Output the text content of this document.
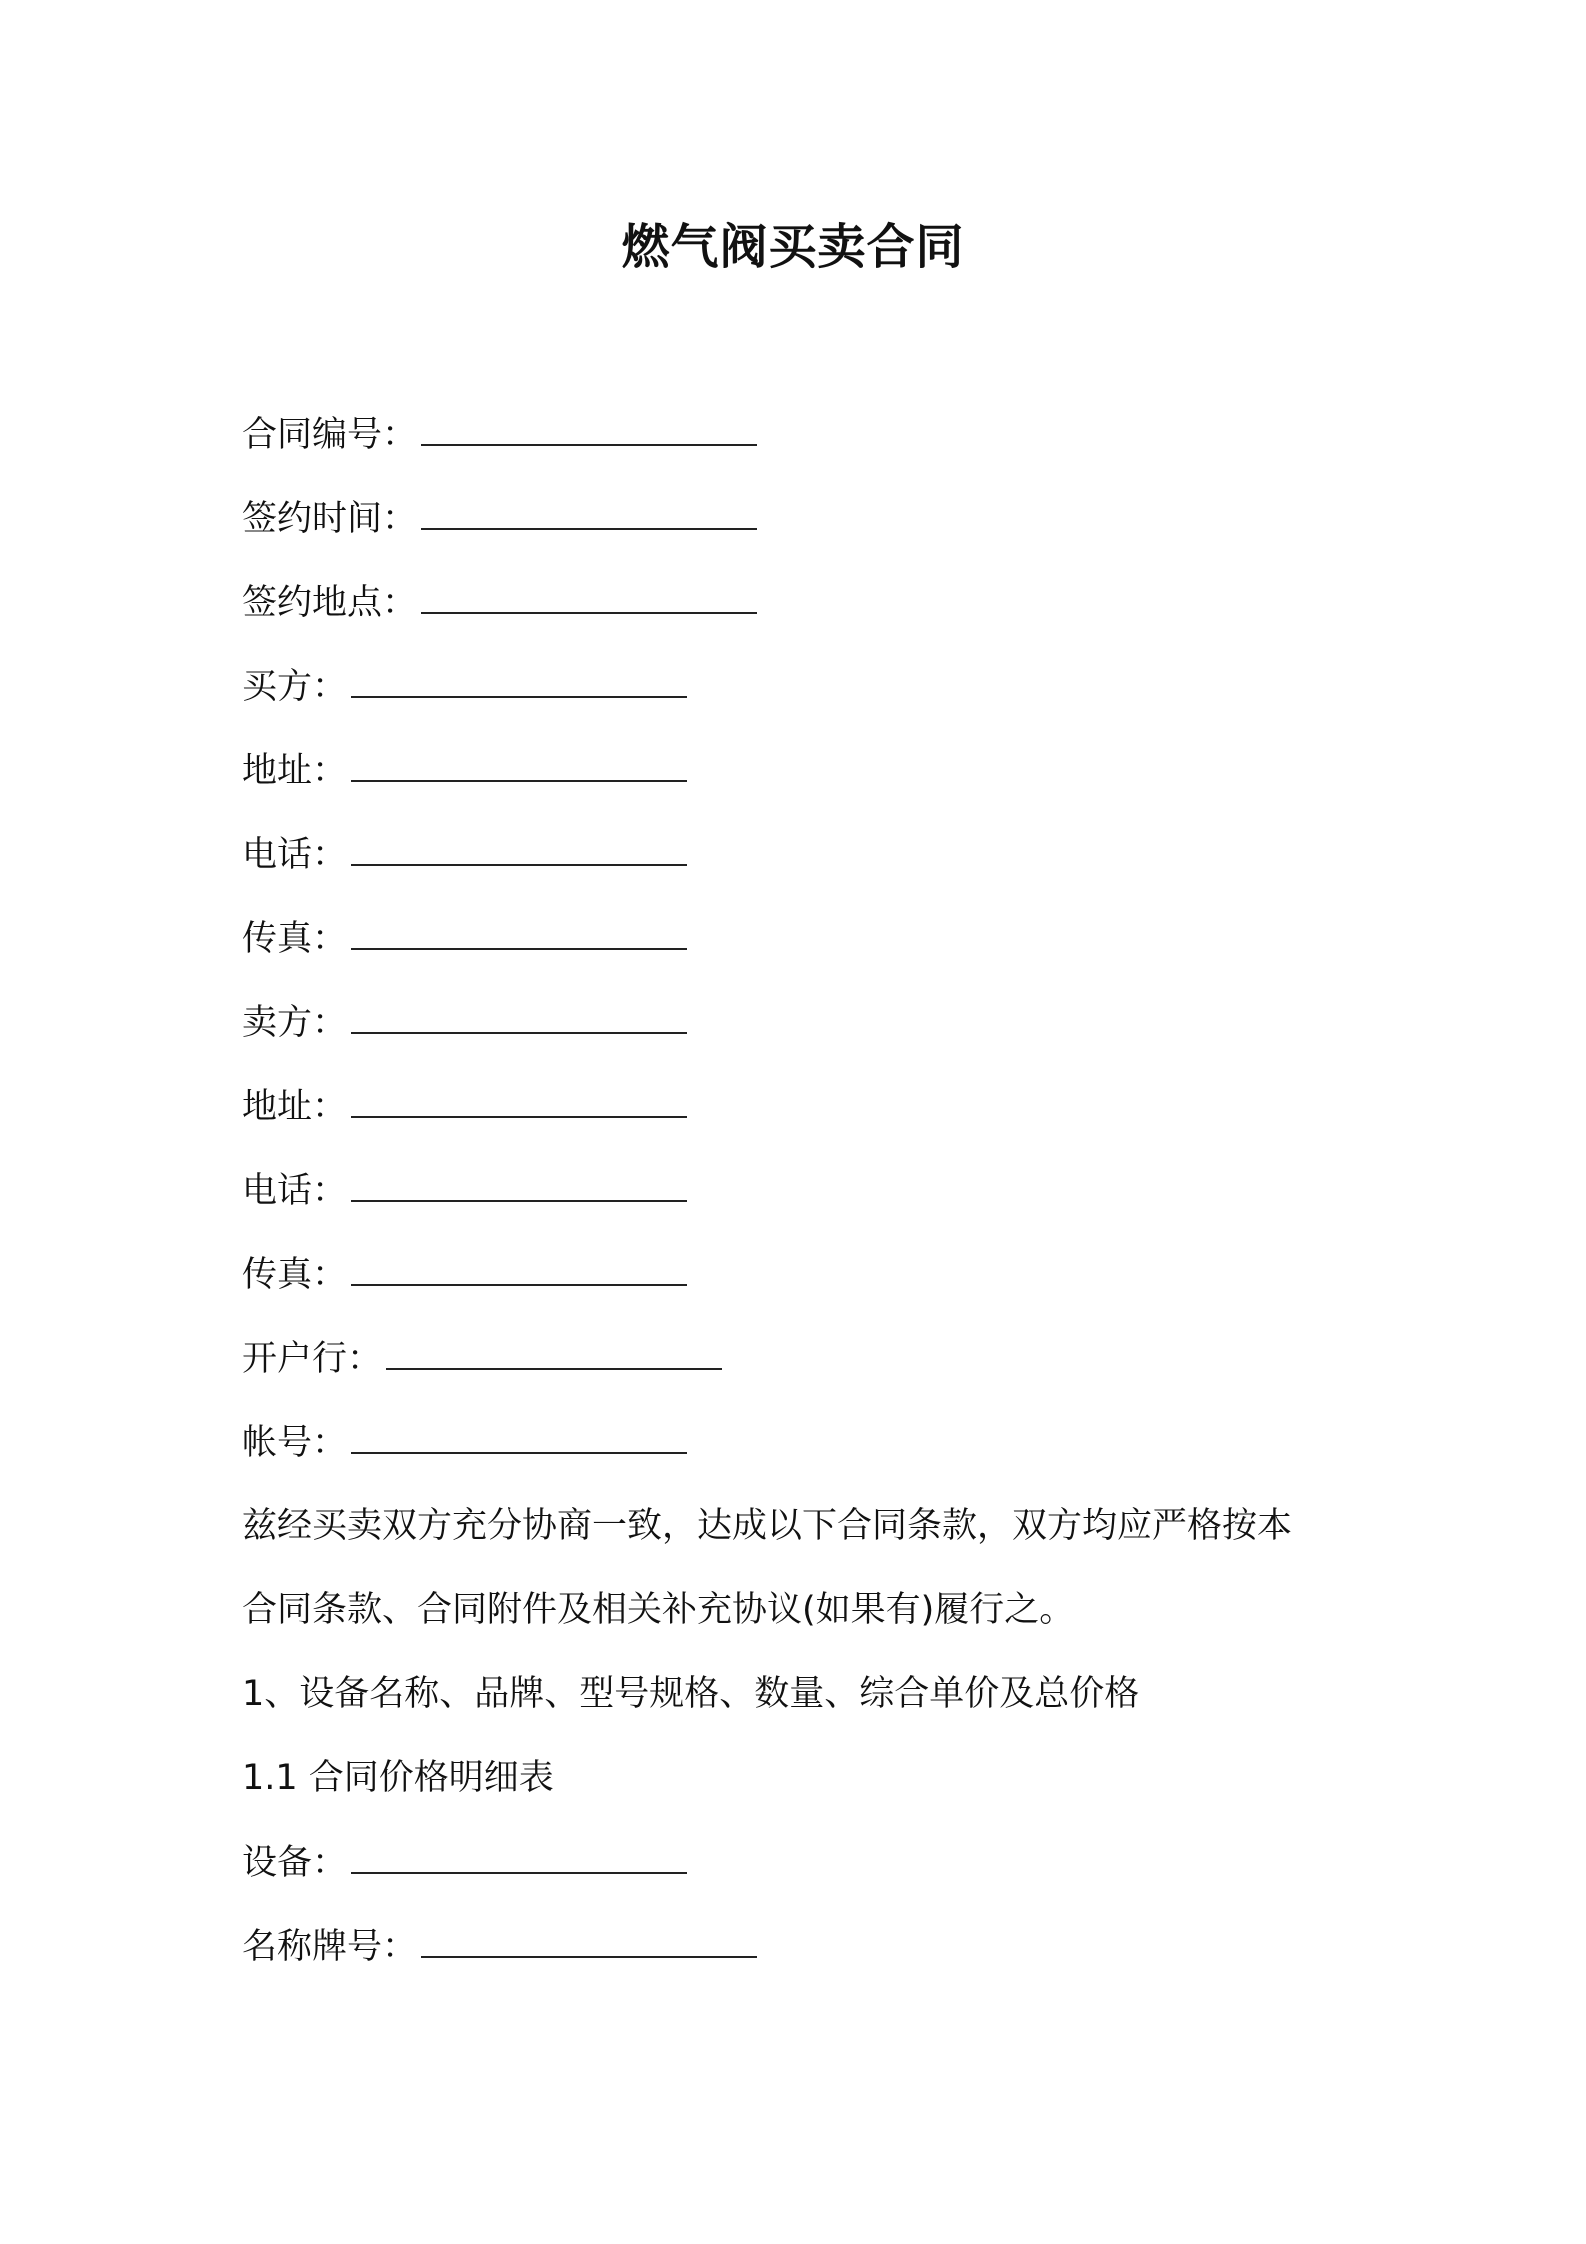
燃气阀买卖合同
合同编号：
签约时间：
签约地点：
买方：
地址：
电话：
传真：
卖方：
地址：
电话：
传真：
开户行：
帐号：
兹经买卖双方充分协商一致，达成以下合同条款，双方均应严格按本
合同条款、合同附件及相关补充协议(如果有)履行之。
1、设备名称、品牌、型号规格、数量、综合单价及总价格
1.1 合同价格明细表
设备：
名称牌号：
